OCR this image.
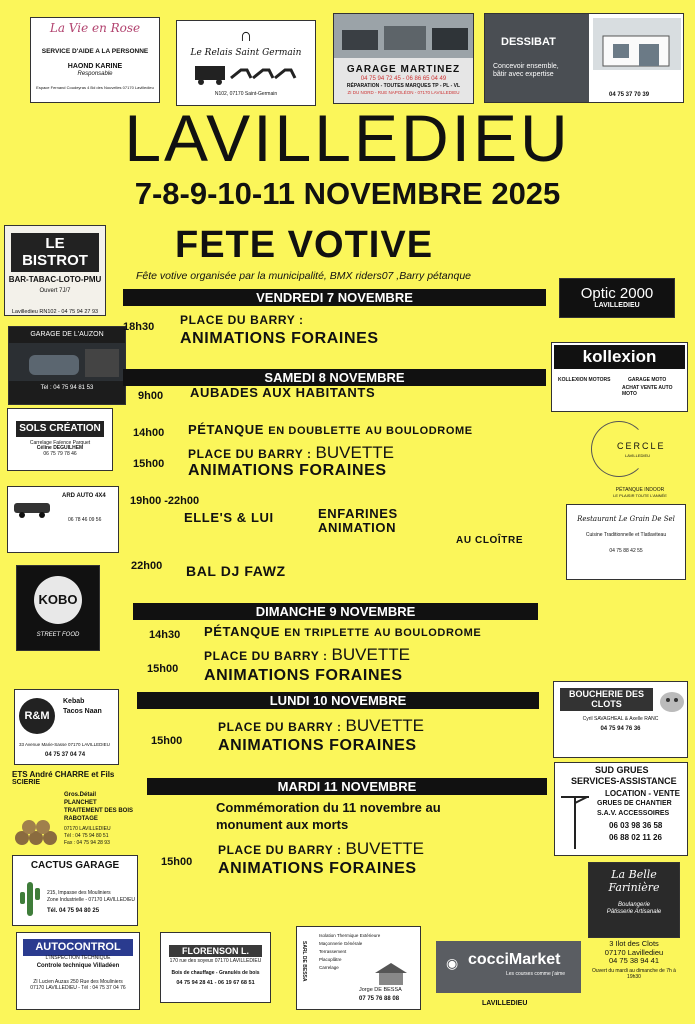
La Vie en Rose
SERVICE D'AIDE A LA PERSONNE
HAOND KARINE
Responsable
Espace Fernand Coudeyras 4 Bd des Nouvelles 07170 Lavilledieu
∩
Le Relais Saint Germain
N102, 07170 Saint-Germain
GARAGE MARTINEZ
04 75 94 72 45 - 06 86 65 04 49
RÉPARATION - TOUTES MARQUES TP - PL - VL
ZI DU NORD - RUE NAPOLÉON - 07170 LAVILLEDIEU
DESSIBAT
Concevoir ensemble,
bâtir avec expertise
04 75 37 70 39
LAVILLEDIEU
7-8-9-10-11 NOVEMBRE 2025
FETE VOTIVE
Fête votive organisée par la municipalité, BMX riders07 ,Barry pétanque
LE BISTROT
BAR-TABAC-LOTO-PMU
Ouvert 7J/7
Lavilledieu RN102 - 04 75 94 27 93
GARAGE DE L'AUZON
Tel : 04 75 94 81 53
SOLS CRÉATION
Carrelage Faïence Parquet
Céline DEGUILHEM
06 75 79 78 46
ARD AUTO 4X4
06 78 46 09 56
KOBO
STREET FOOD
R&M
Kebab
Tacos Naan
33 Avenue Marie-Sasse 07170 LAVILLEDIEU
04 75 37 04 74
ETS André CHARRE et Fils
SCIERIE
Gros.Détail
PLANCHET
TRAITEMENT DES BOIS
RABOTAGE
07170 LAVILLEDIEU
Tél : 04 75 94 80 51
Fax : 04 75 94 28 93
CACTUS GARAGE
215, Impasse des Mouliniers
Zone Industrielle - 07170 LAVILLEDIEU
Tél. 04 75 94 80 25
AUTOCONTROL
L'INSPECTION TECHNIQUE
Controle technique Villadéen
ZI Lucien Auzas 250 Rue des Mouliniers
07170 LAVILLEDIEU - Tél : 04 75 37 04 76
Optic 2000
LAVILLEDIEU
kollexion
KOLLEXION MOTORS	GARAGE MOTO
ACHAT VENTE AUTO MOTO
CERCLE
LAVILLEDIEU
PÉTANQUE INDOOR
LE PLAISIR TOUTE L'ANNÉE
Restaurant Le Grain De Sel
Cuisine Traditionnelle et Tlatlaviteau
04 75 88 42 55
BOUCHERIE DES CLOTS
Cyril SAVAGHEAL & Axelle RANC
04 75 94 76 36
SUD GRUES
SERVICES-ASSISTANCE
LOCATION - VENTE
GRUES DE CHANTIER
S.A.V. ACCESSOIRES
06 03 98 36 58
06 88 02 11 26
La Belle
Farinière
Boulangerie
Pâtisserie Artisanale
3 Ilot des Clots
07170 Lavilledieu
04 75 38 94 41
Ouvert du mardi au dimanche de 7h à 19h30
FLORENSON L.
170 rue des soyeux 07170 LAVILLEDIEU
Bois de chauffage - Granulés de bois
04 75 94 28 41 - 06 19 67 68 51
SARL DE BESSA
Isolation Thermique Extérieure
Maçonnerie Générale
Terrassement
Placoplâtre
Carrelage
Jorge DE BESSA
07 75 76 88 08
◉ cocciMarket
Les courses comme j'aime
LAVILLEDIEU
VENDREDI 7 NOVEMBRE
18h30 PLACE DU BARRY :
ANIMATIONS FORAINES
SAMEDI 8 NOVEMBRE
9h00 AUBADES AUX HABITANTS
14h00 PÉTANQUE EN DOUBLETTE AU BOULODROME
PLACE DU BARRY : BUVETTE
15h00 ANIMATIONS FORAINES
19h00 -22h00
ELLE'S & LUI	ENFARINES
ANIMATION
AU CLOÎTRE
22h00 BAL DJ FAWZ
DIMANCHE 9 NOVEMBRE
14h30 PÉTANQUE EN TRIPLETTE AU BOULODROME
PLACE DU BARRY : BUVETTE
15h00 ANIMATIONS FORAINES
LUNDI 10 NOVEMBRE
PLACE DU BARRY : BUVETTE
15h00 ANIMATIONS FORAINES
MARDI 11 NOVEMBRE
Commémoration du 11 novembre au
monument aux morts
PLACE DU BARRY : BUVETTE
15h00 ANIMATIONS FORAINES
